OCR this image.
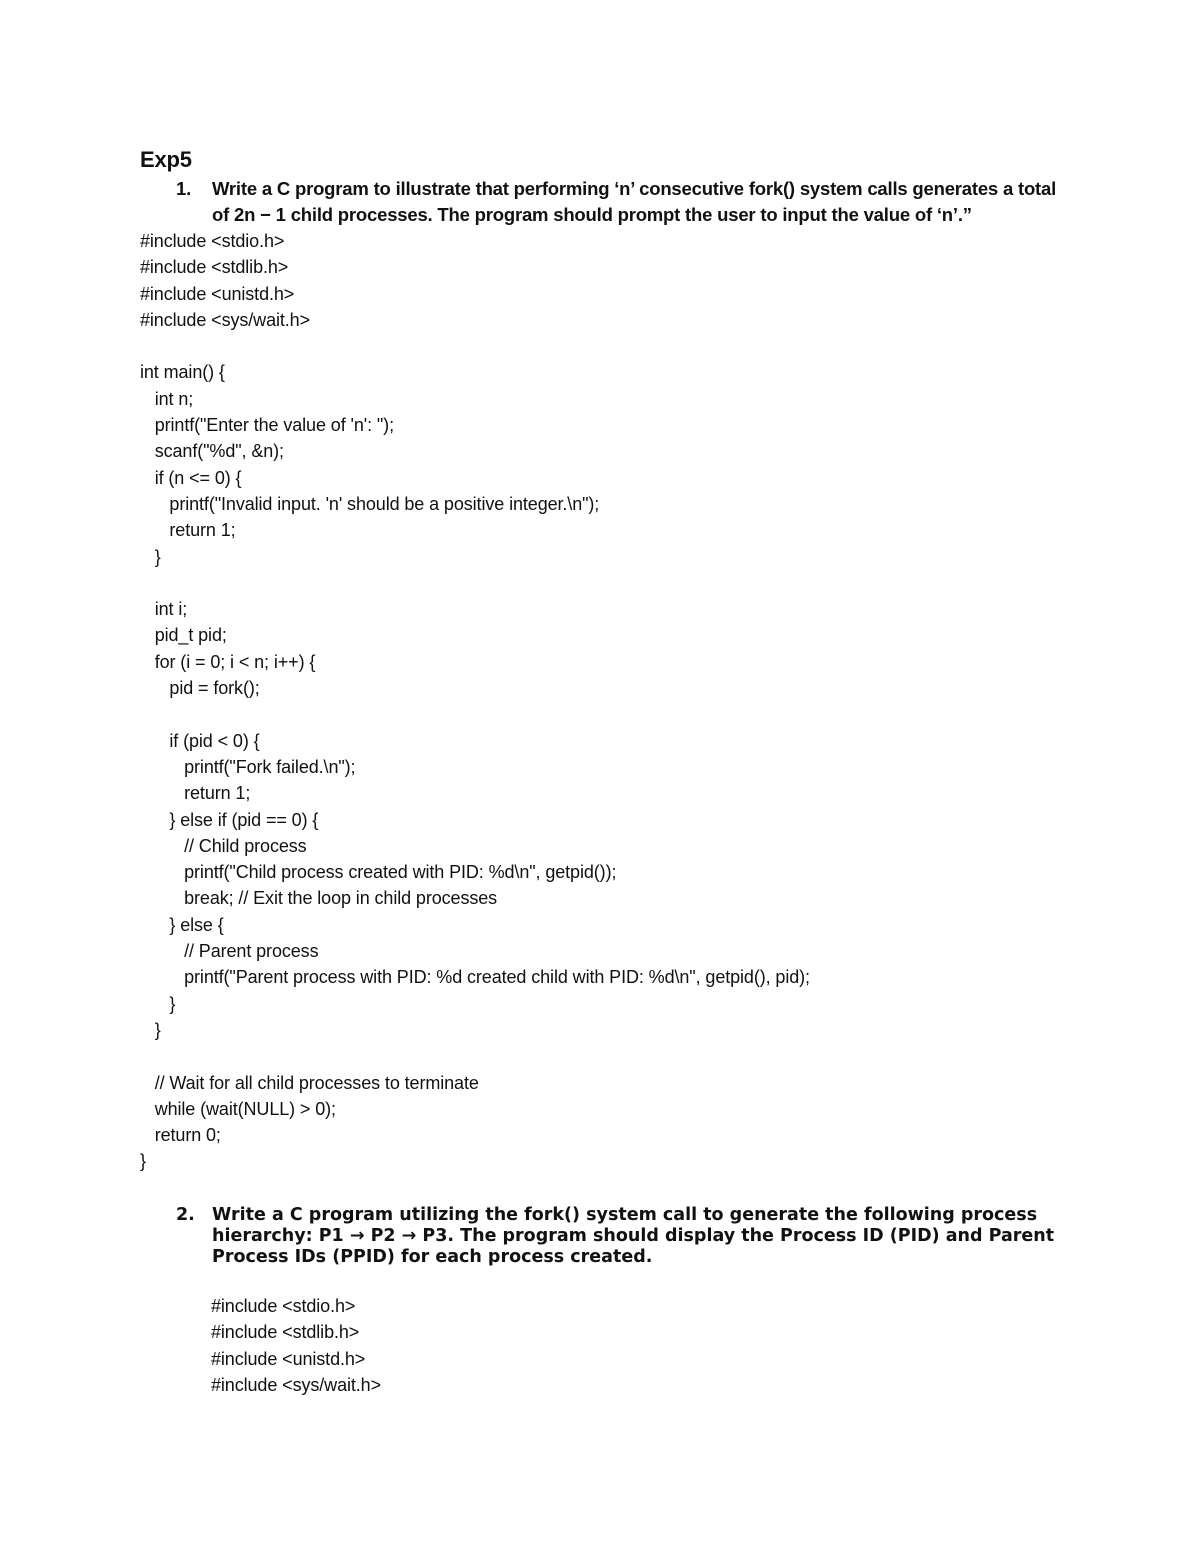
Exp5
1. Write a C program to illustrate that performing ‘n’ consecutive fork() system calls generates a total of 2n − 1 child processes. The program should prompt the user to input the value of ‘n’.”
#include <stdio.h>
#include <stdlib.h>
#include <unistd.h>
#include <sys/wait.h>

int main() {
int n;
printf("Enter the value of 'n': ");
scanf("%d", &n);
if (n <= 0) {
printf("Invalid input. 'n' should be a positive integer.\n");
return 1;
}

int i;
pid_t pid;
for (i = 0; i < n; i++) {
pid = fork();

if (pid < 0) {
printf("Fork failed.\n");
return 1;
} else if (pid == 0) {
// Child process
printf("Child process created with PID: %d\n", getpid());
break; // Exit the loop in child processes
} else {
// Parent process
printf("Parent process with PID: %d created child with PID: %d\n", getpid(), pid);
}
}

// Wait for all child processes to terminate
while (wait(NULL) > 0);
return 0;
}
2. Write a C program utilizing the fork() system call to generate the following process hierarchy: P1 → P2 → P3. The program should display the Process ID (PID) and Parent Process IDs (PPID) for each process created.
#include <stdio.h>
#include <stdlib.h>
#include <unistd.h>
#include <sys/wait.h>
